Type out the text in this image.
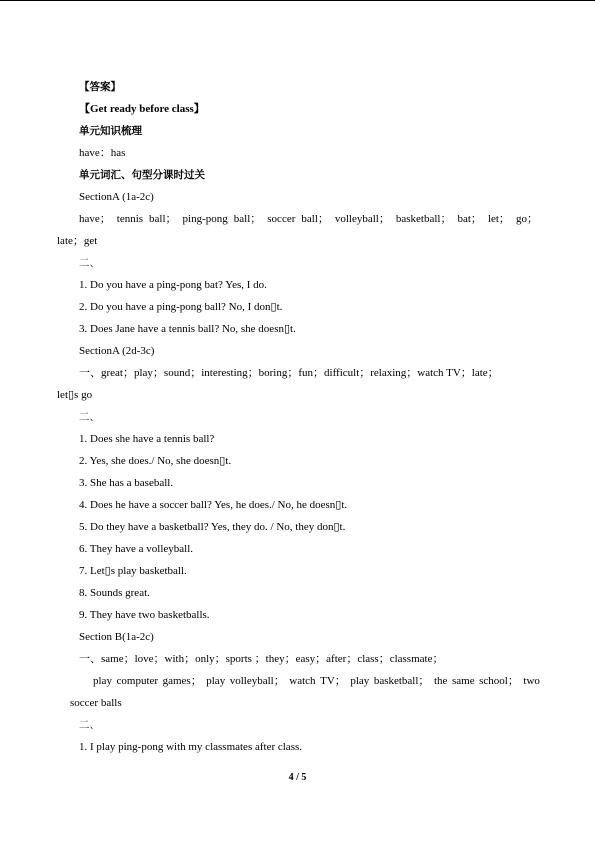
【答案】
【Get ready before class】
单元知识梳理
have：has
单元词汇、句型分课时过关
SectionA (1a-2c)
have； tennis ball； ping-pong ball； soccer ball； volleyball； basketball； bat； let； go；
late；get
二、
1. Do you have a ping-pong bat? Yes, I do.
2. Do you have a ping-pong ball? No, I don▯t.
3. Does Jane have a tennis ball? No, she doesn▯t.
SectionA (2d-3c)
一、great；play；sound；interesting；boring；fun；difficult；relaxing；watch TV；late；
let▯s go
二、
1. Does she have a tennis ball?
2. Yes, she does./ No, she doesn▯t.
3. She has a baseball.
4. Does he have a soccer ball? Yes, he does./ No, he doesn▯t.
5. Do they have a basketball? Yes, they do. / No, they don▯t.
6. They have a volleyball.
7. Let▯s play basketball.
8. Sounds great.
9. They have two basketballs.
Section B(1a-2c)
一、same；love；with；only；sports ；they；easy；after；class；classmate；
play computer games； play volleyball； watch TV； play basketball； the same school； two
soccer balls
二、
1. I play ping-pong with my classmates after class.
4 / 5
